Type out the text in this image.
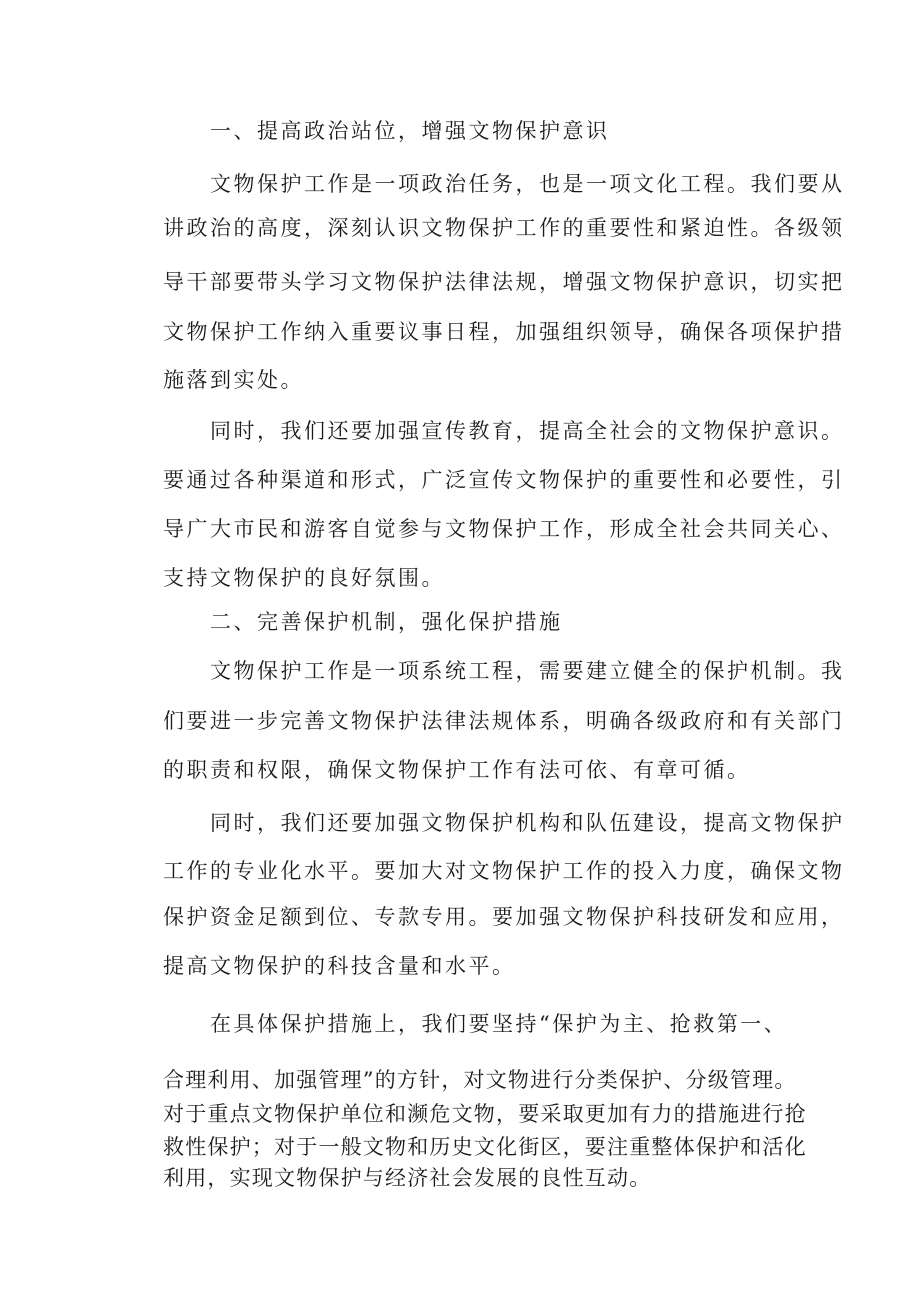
一、提高政治站位，增强文物保护意识
文物保护工作是一项政治任务，也是一项文化工程。我们要从
讲政治的高度，深刻认识文物保护工作的重要性和紧迫性。各级领
导干部要带头学习文物保护法律法规，增强文物保护意识，切实把
文物保护工作纳入重要议事日程，加强组织领导，确保各项保护措
施落到实处。
同时，我们还要加强宣传教育，提高全社会的文物保护意识。
要通过各种渠道和形式，广泛宣传文物保护的重要性和必要性，引
导广大市民和游客自觉参与文物保护工作，形成全社会共同关心、
支持文物保护的良好氛围。
二、完善保护机制，强化保护措施
文物保护工作是一项系统工程，需要建立健全的保护机制。我
们要进一步完善文物保护法律法规体系，明确各级政府和有关部门
的职责和权限，确保文物保护工作有法可依、有章可循。
同时，我们还要加强文物保护机构和队伍建设，提高文物保护
工作的专业化水平。要加大对文物保护工作的投入力度，确保文物
保护资金足额到位、专款专用。要加强文物保护科技研发和应用，
提高文物保护的科技含量和水平。
在具体保护措施上，我们要坚持“保护为主、抢救第一、
合理利用、加强管理”的方针，对文物进行分类保护、分级管理。
对于重点文物保护单位和濒危文物，要采取更加有力的措施进行抢
救性保护；对于一般文物和历史文化街区，要注重整体保护和活化
利用，实现文物保护与经济社会发展的良性互动。
